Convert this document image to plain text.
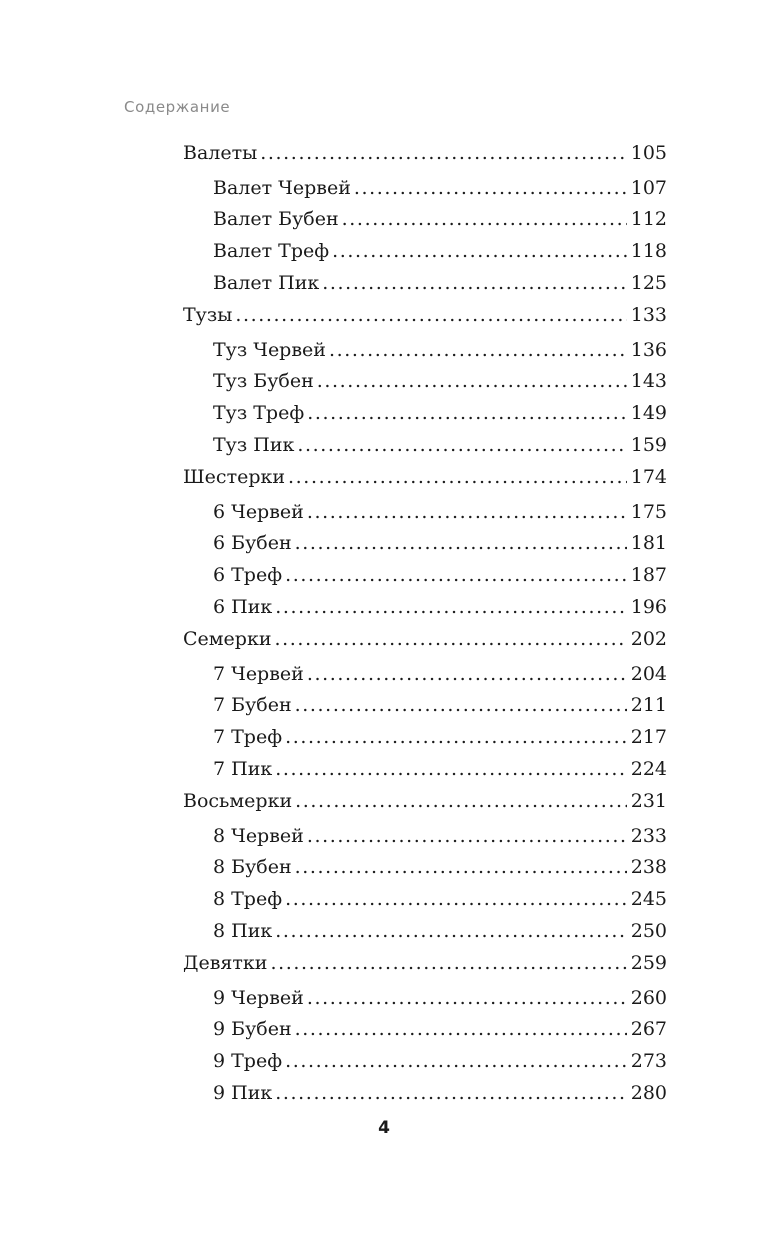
Содержание
Валеты .....	105
Валет Червей .....	107
Валет Бубен .....	112
Валет Треф .....	118
Валет Пик .....	125
Тузы .....	133
Туз Червей .....	136
Туз Бубен .....	143
Туз Треф .....	149
Туз Пик .....	159
Шестерки .....	174
6 Червей .....	175
6 Бубен .....	181
6 Треф .....	187
6 Пик .....	196
Семерки .....	202
7 Червей .....	204
7 Бубен .....	211
7 Треф .....	217
7 Пик .....	224
Восьмерки .....	231
8 Червей .....	233
8 Бубен .....	238
8 Треф .....	245
8 Пик .....	250
Девятки .....	259
9 Червей .....	260
9 Бубен .....	267
9 Треф .....	273
9 Пик .....	280
4
